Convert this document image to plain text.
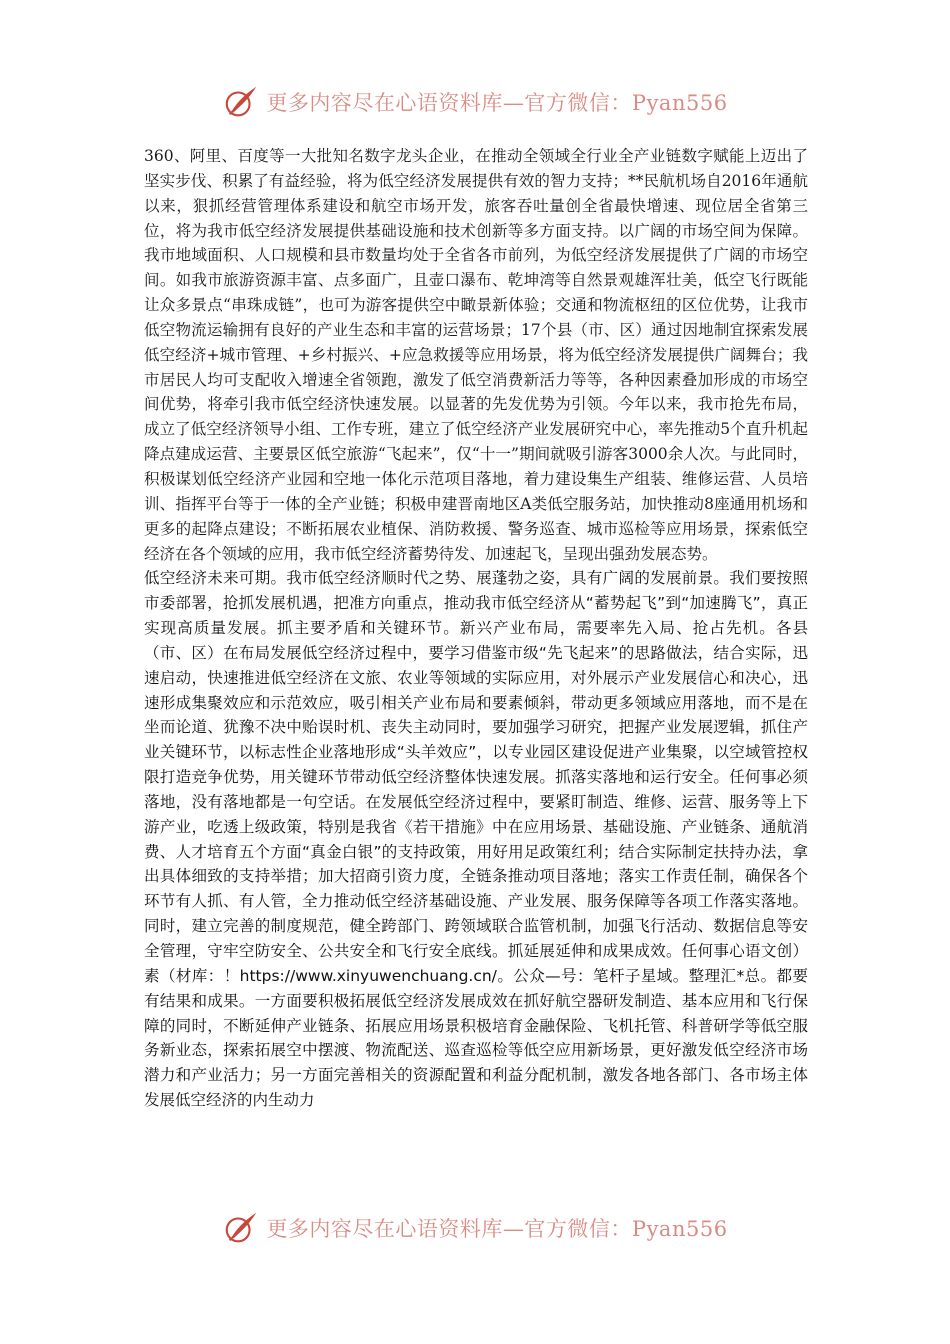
更多内容尽在心语资料库—官方微信：Pyan556

360、阿里、百度等一大批知名数字龙头企业，在推动全领域全行业全产业链数字赋能上迈出了坚实步伐、积累了有益经验，将为低空经济发展提供有效的智力支持；**民航机场自2016年通航以来，狠抓经营管理体系建设和航空市场开发，旅客吞吐量创全省最快增速、现位居全省第三位，将为我市低空经济发展提供基础设施和技术创新等多方面支持。以广阔的市场空间为保障。我市地域面积、人口规模和县市数量均处于全省各市前列，为低空经济发展提供了广阔的市场空间。如我市旅游资源丰富、点多面广，且壶口瀑布、乾坤湾等自然景观雄浑壮美，低空飞行既能让众多景点“串珠成链”，也可为游客提供空中瞰景新体验；交通和物流枢纽的区位优势，让我市低空物流运输拥有良好的产业生态和丰富的运营场景；17个县（市、区）通过因地制宜探索发展低空经济+城市管理、+乡村振兴、+应急救援等应用场景，将为低空经济发展提供广阔舞台；我市居民人均可支配收入增速全省领跑，激发了低空消费新活力等等，各种因素叠加形成的市场空间优势，将牵引我市低空经济快速发展。以显著的先发优势为引领。今年以来，我市抢先布局，成立了低空经济领导小组、工作专班，建立了低空经济产业发展研究中心，率先推动5个直升机起降点建成运营、主要景区低空旅游“飞起来”，仅“十一”期间就吸引游客3000余人次。与此同时，积极谋划低空经济产业园和空地一体化示范项目落地，着力建设集生产组装、维修运营、人员培训、指挥平台等于一体的全产业链；积极申建晋南地区A类低空服务站，加快推动8座通用机场和更多的起降点建设；不断拓展农业植保、消防救援、警务巡查、城市巡检等应用场景，探索低空经济在各个领域的应用，我市低空经济蓄势待发、加速起飞，呈现出强劲发展态势。

低空经济未来可期。我市低空经济顺时代之势、展蓬勃之姿，具有广阔的发展前景。我们要按照市委部署，抢抓发展机遇，把准方向重点，推动我市低空经济从“蓄势起飞”到“加速腾飞”，真正实现高质量发展。抓主要矛盾和关键环节。新兴产业布局，需要率先入局、抢占先机。各县（市、区）在布局发展低空经济过程中，要学习借鉴市级“先飞起来”的思路做法，结合实际，迅速启动，快速推进低空经济在文旅、农业等领域的实际应用，对外展示产业发展信心和决心，迅速形成集聚效应和示范效应，吸引相关产业布局和要素倾斜，带动更多领域应用落地，而不是在坐而论道、犹豫不决中贻误时机、丧失主动同时，要加强学习研究，把握产业发展逻辑，抓住产业关键环节，以标志性企业落地形成“头羊效应”，以专业园区建设促进产业集聚，以空域管控权限打造竞争优势，用关键环节带动低空经济整体快速发展。抓落实落地和运行安全。任何事必须落地，没有落地都是一句空话。在发展低空经济过程中，要紧盯制造、维修、运营、服务等上下游产业，吃透上级政策，特别是我省《若干措施》中在应用场景、基础设施、产业链条、通航消费、人才培育五个方面“真金白银”的支持政策，用好用足政策红利；结合实际制定扶持办法，拿出具体细致的支持举措；加大招商引资力度，全链条推动项目落地；落实工作责任制，确保各个环节有人抓、有人管，全力推动低空经济基础设施、产业发展、服务保障等各项工作落实落地。同时，建立完善的制度规范，健全跨部门、跨领域联合监管机制，加强飞行活动、数据信息等安全管理，守牢空防安全、公共安全和飞行安全底线。抓延展延伸和成果成效。任何事心语文创）素（材库：！https://www.xinyuwenchuang.cn/。公众—号：笔杆子星域。整理汇*总。都要有结果和成果。一方面要积极拓展低空经济发展成效在抓好航空器研发制造、基本应用和飞行保障的同时，不断延伸产业链条、拓展应用场景积极培育金融保险、飞机托管、科普研学等低空服务新业态，探索拓展空中摆渡、物流配送、巡查巡检等低空应用新场景，更好激发低空经济市场潜力和产业活力；另一方面完善相关的资源配置和利益分配机制，激发各地各部门、各市场主体发展低空经济的内生动力

更多内容尽在心语资料库—官方微信：Pyan556
